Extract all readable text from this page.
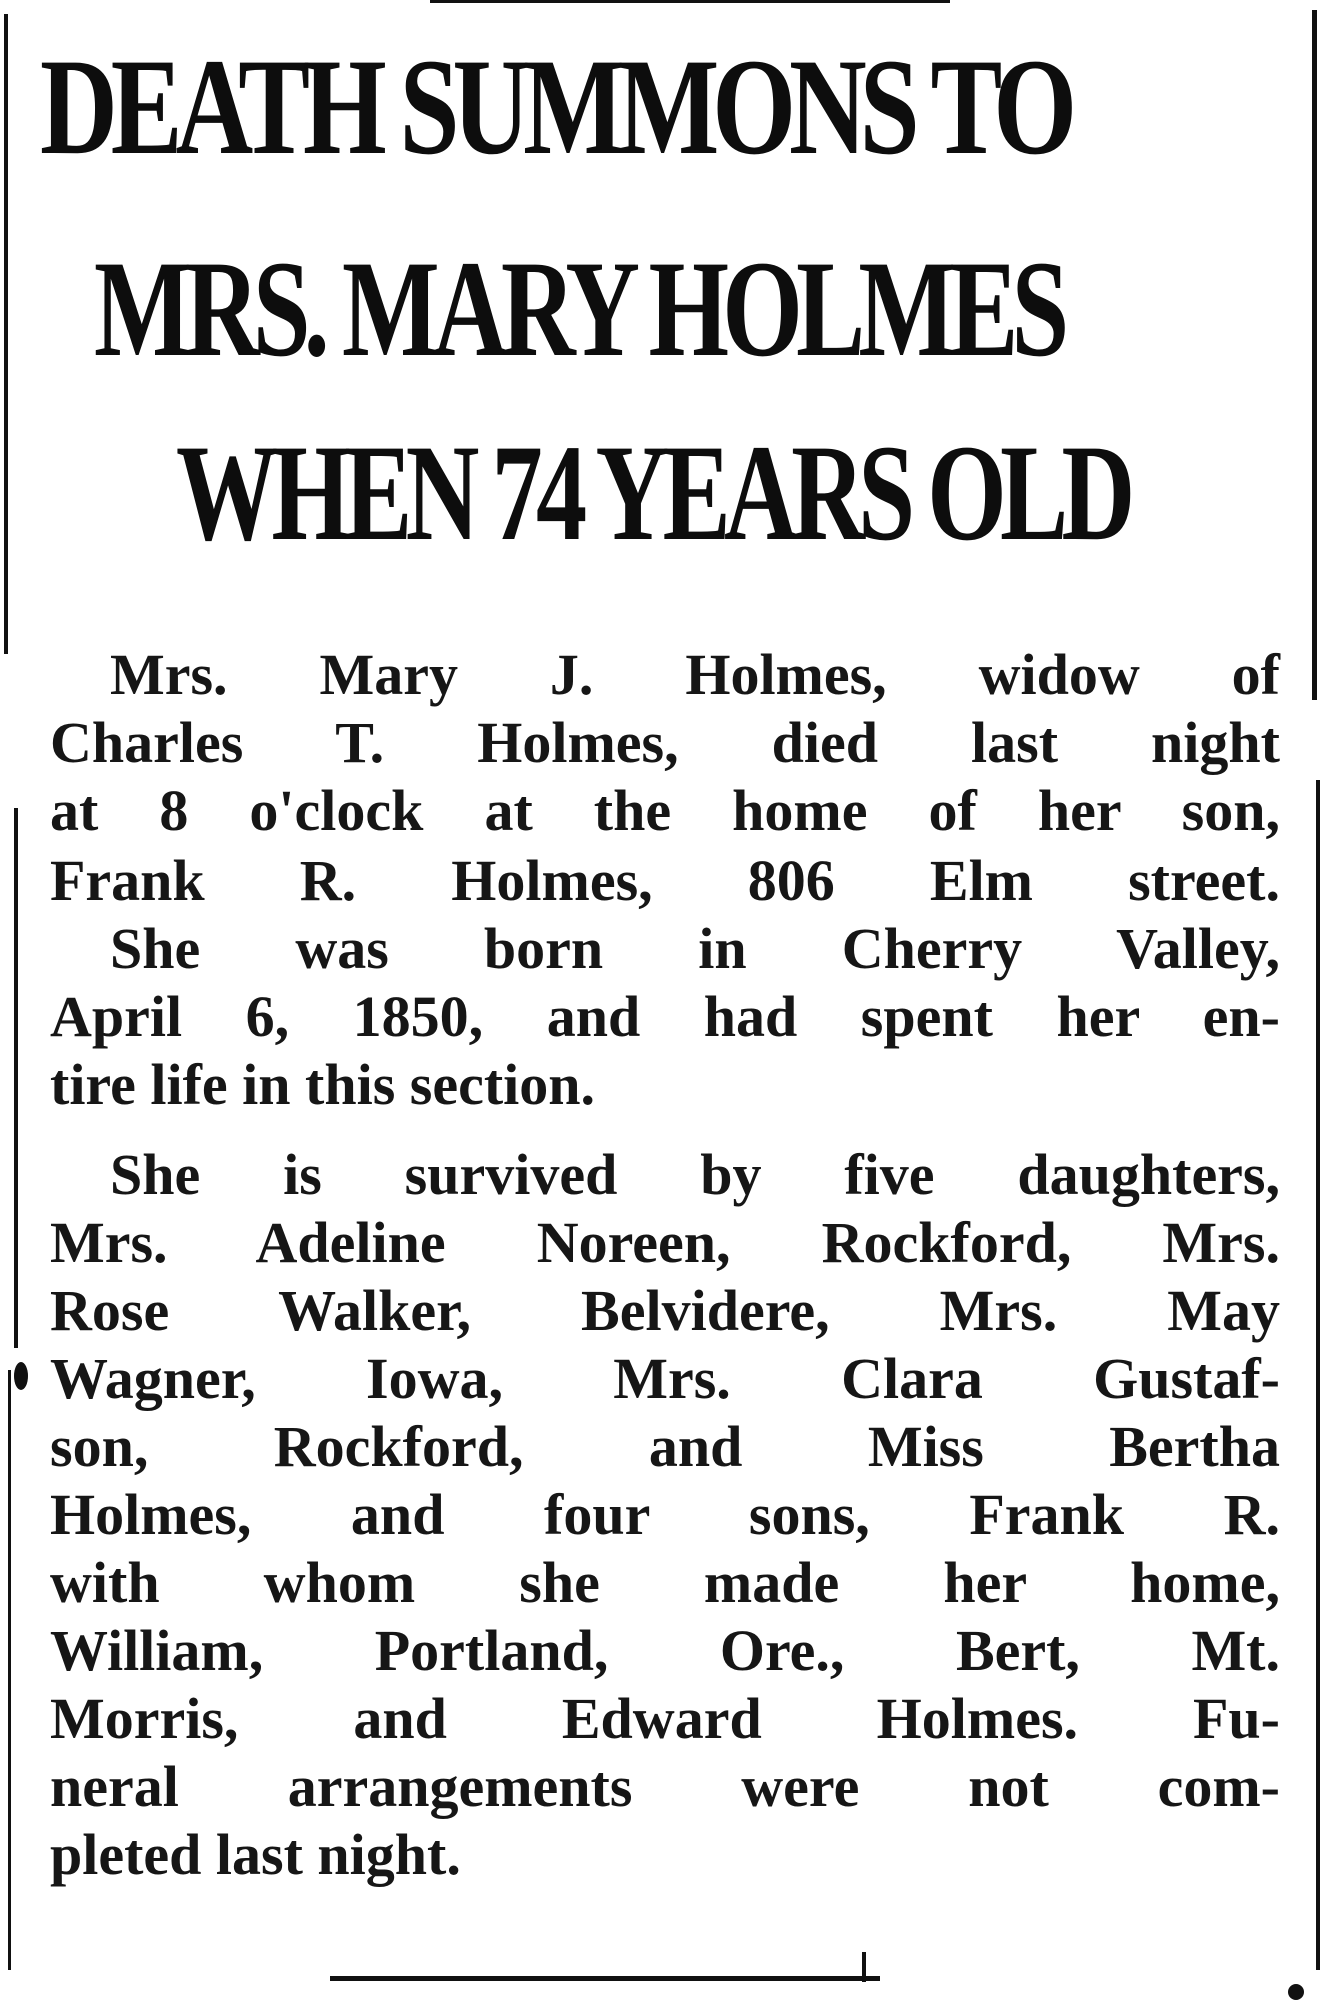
DEATH SUMMONS TO
MRS. MARY HOLMES
WHEN 74 YEARS OLD

Mrs. Mary J. Holmes, widow of

Charles T. Holmes, died last night

at 8 o'clock at the home of her son,

Frank R. Holmes, 806 Elm street.

She was born in Cherry Valley,

April 6, 1850, and had spent her en-

tire life in this section.

She is survived by five daughters,

Mrs. Adeline Noreen, Rockford, Mrs.

Rose Walker, Belvidere, Mrs. May

Wagner, Iowa, Mrs. Clara Gustaf-

son, Rockford, and Miss Bertha

Holmes, and four sons, Frank R.

with whom she made her home,

William, Portland, Ore., Bert, Mt.

Morris, and Edward Holmes. Fu-

neral arrangements were not com-

pleted last night.
